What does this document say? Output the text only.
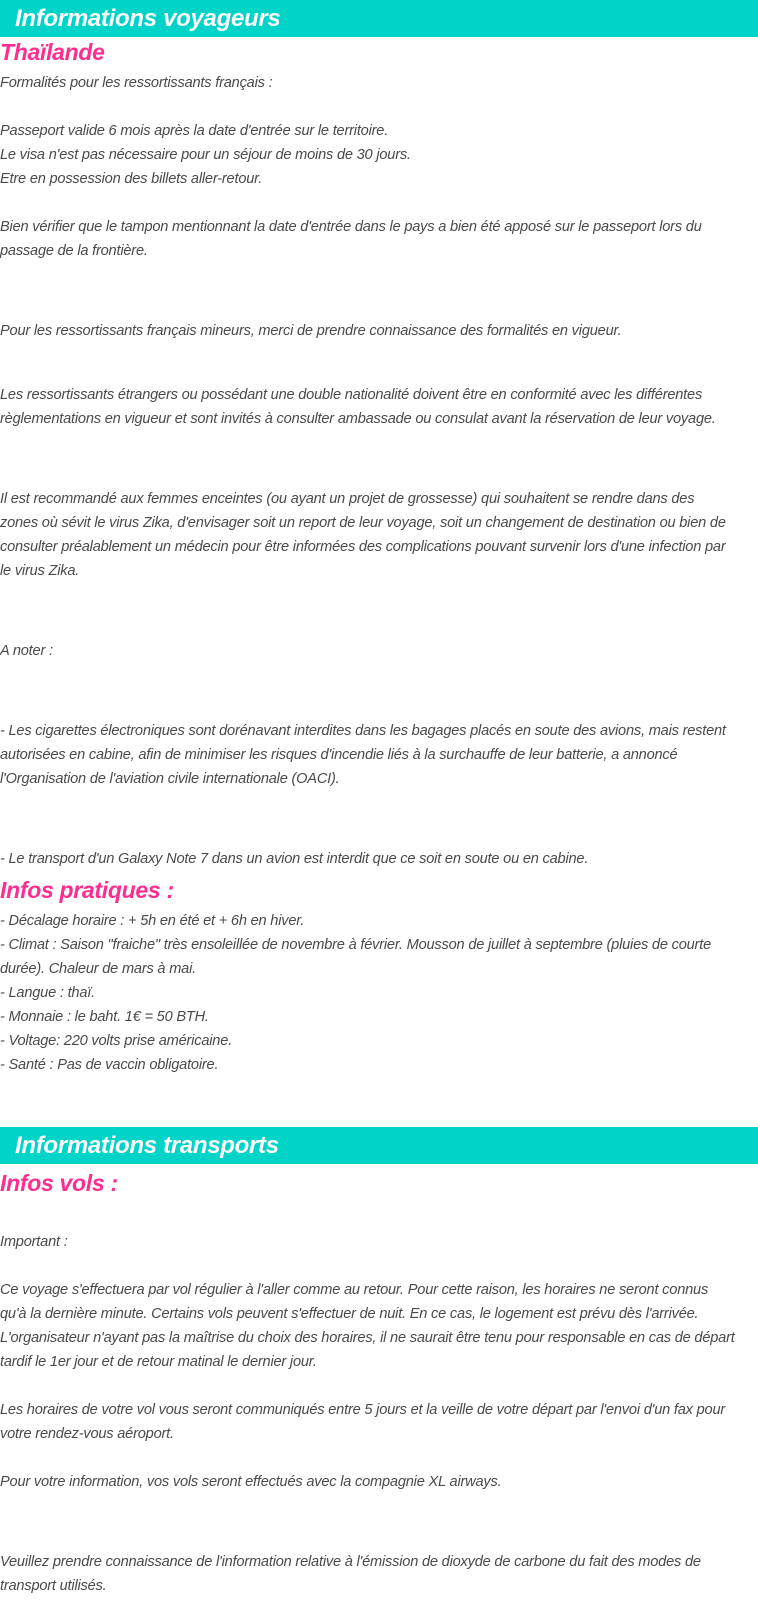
Informations voyageurs
Thaïlande

Formalités pour les ressortissants français :

Passeport valide 6 mois après la date d'entrée sur le territoire.

Le visa n'est pas nécessaire pour un séjour de moins de 30 jours.

Etre en possession des billets aller-retour.

Bien vérifier que le tampon mentionnant la date d'entrée dans le pays a bien été apposé sur le passeport lors du passage de la frontière.

Pour les ressortissants français mineurs, merci de prendre connaissance des formalités en vigueur.

Les ressortissants étrangers ou possédant une double nationalité doivent être en conformité avec les différentes règlementations en vigueur et sont invités à consulter ambassade ou consulat avant la réservation de leur voyage.

Il est recommandé aux femmes enceintes (ou ayant un projet de grossesse) qui souhaitent se rendre dans des zones où sévit le virus Zika, d'envisager soit un report de leur voyage, soit un changement de destination ou bien de consulter préalablement un médecin pour être informées des complications pouvant survenir lors d'une infection par le virus Zika.

A noter :

- Les cigarettes électroniques sont dorénavant interdites dans les bagages placés en soute des avions, mais restent autorisées en cabine, afin de minimiser les risques d'incendie liés à la surchauffe de leur batterie, a annoncé l'Organisation de l'aviation civile internationale (OACI).

- Le transport d'un Galaxy Note 7 dans un avion est interdit que ce soit en soute ou en cabine.

Infos pratiques :

- Décalage horaire : + 5h en été et + 6h en hiver.

- Climat : Saison "fraiche" très ensoleillée de novembre à février. Mousson de juillet à septembre (pluies de courte durée). Chaleur de mars à mai.

- Langue : thaï.

- Monnaie : le baht. 1€ = 50 BTH.

- Voltage: 220 volts prise américaine.

- Santé : Pas de vaccin obligatoire.

Informations transports
Infos vols :

Important :

Ce voyage s'effectuera par vol régulier à l'aller comme au retour. Pour cette raison, les horaires ne seront connus qu'à la dernière minute. Certains vols peuvent s'effectuer de nuit. En ce cas, le logement est prévu dès l'arrivée. L'organisateur n'ayant pas la maîtrise du choix des horaires, il ne saurait être tenu pour responsable en cas de départ tardif le 1er jour et de retour matinal le dernier jour.

Les horaires de votre vol vous seront communiqués entre 5 jours et la veille de votre départ par l'envoi d'un fax pour votre rendez-vous aéroport.

Pour votre information, vos vols seront effectués avec la compagnie XL airways.

Veuillez prendre connaissance de l'information relative à l'émission de dioxyde de carbone du fait des modes de transport utilisés.
